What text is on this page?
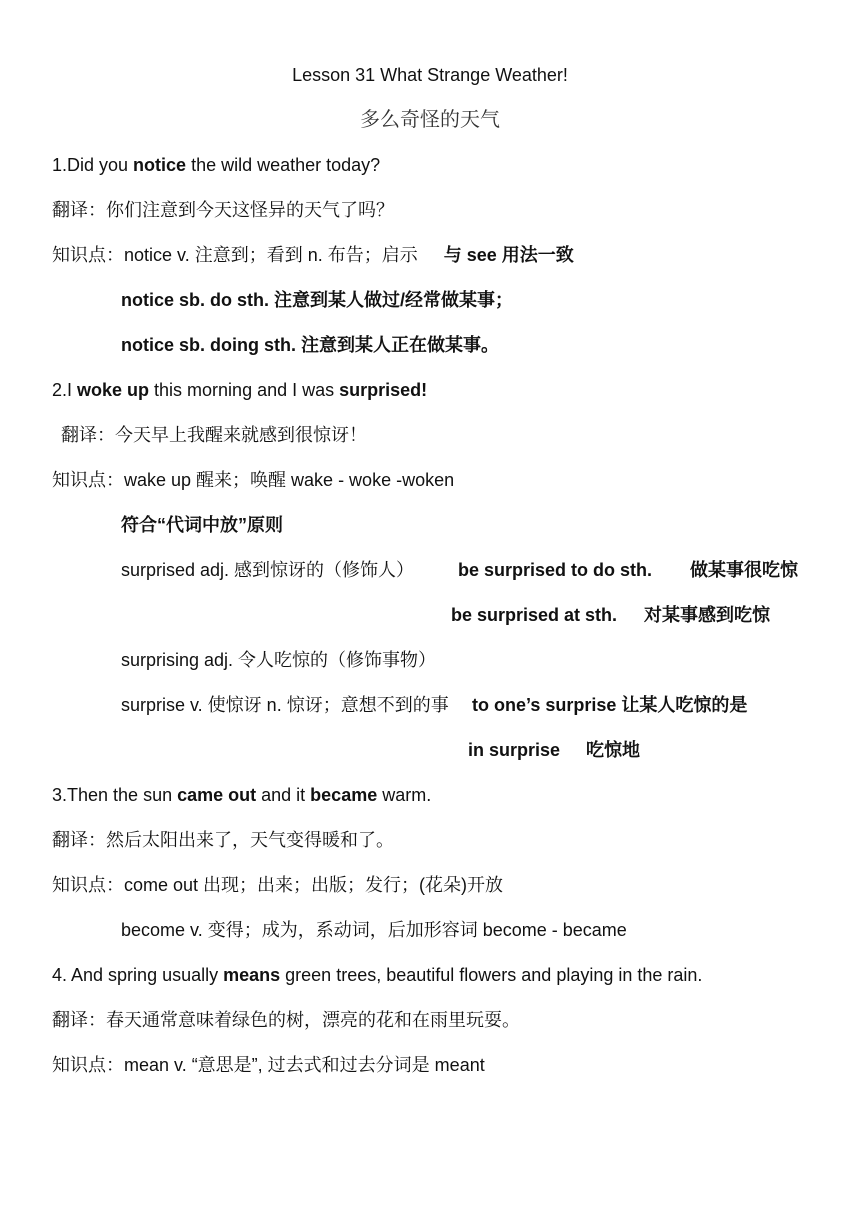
Lesson 31 What Strange Weather!
多么奇怪的天气
1.Did you notice the wild weather today?
翻译：你们注意到今天这怪异的天气了吗？
知识点：notice v. 注意到；看到 n. 布告；启示 与 see 用法一致
notice sb. do sth. 注意到某人做过/经常做某事；
notice sb. doing sth. 注意到某人正在做某事。
2.I woke up this morning and I was surprised!
翻译：今天早上我醒来就感到很惊讶！
知识点：wake up 醒来；唤醒 wake - woke -woken
符合“代词中放”原则
surprised adj. 感到惊讶的（修饰人） be surprised to do sth. 做某事很吃惊
be surprised at sth. 对某事感到吃惊
surprising adj. 令人吃惊的（修饰事物）
surprise v. 使惊讶 n. 惊讶；意想不到的事 to one’s surprise 让某人吃惊的是
in surprise 吃惊地
3.Then the sun came out and it became warm.
翻译：然后太阳出来了，天气变得暖和了。
知识点：come out 出现；出来；出版；发行；(花朵)开放
become v. 变得；成为，系动词，后加形容词 become - became
4. And spring usually means green trees, beautiful flowers and playing in the rain.
翻译：春天通常意味着绿色的树，漂亮的花和在雨里玩耍。
知识点：mean v. “意思是”, 过去式和过去分词是 meant
